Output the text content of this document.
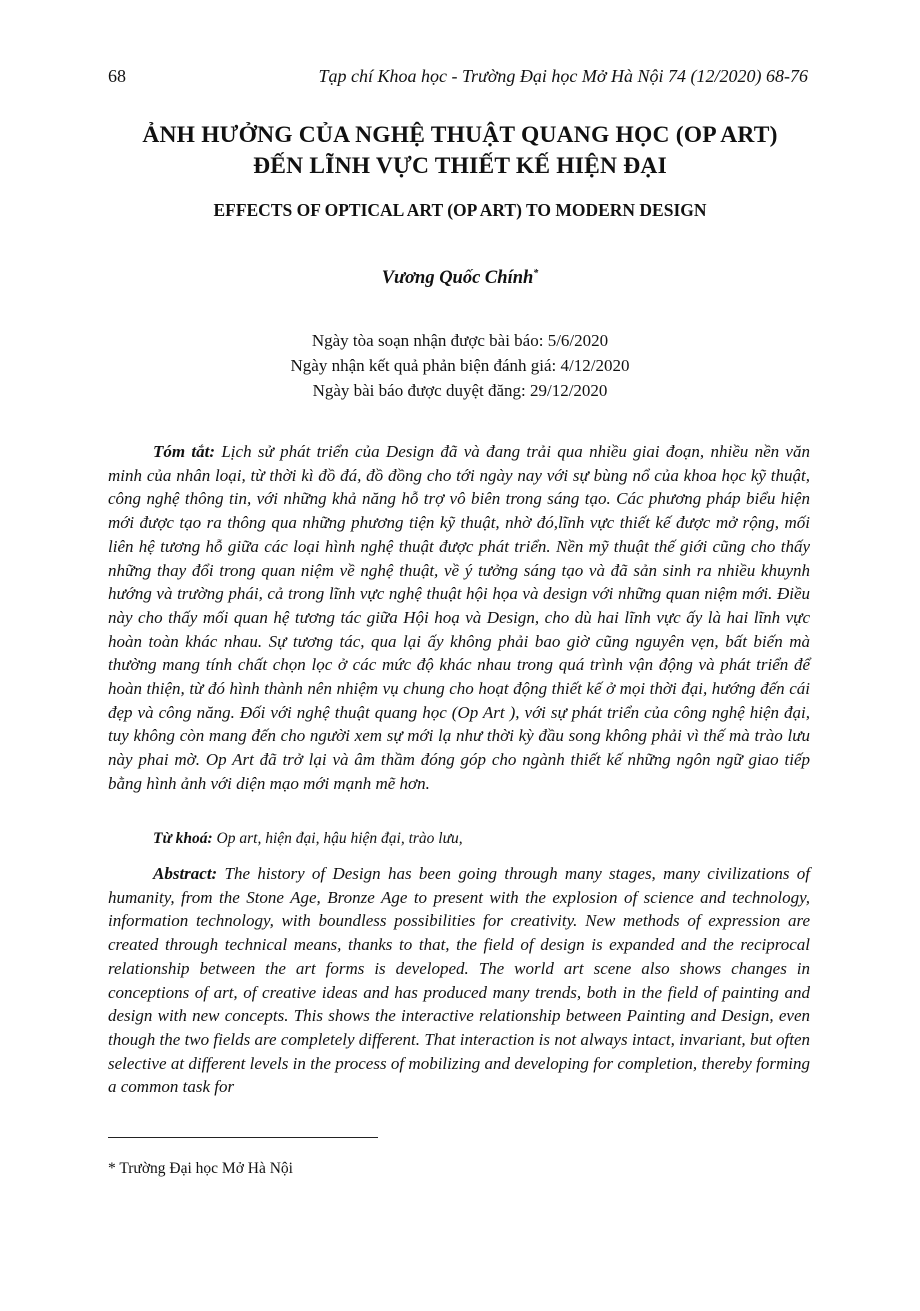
68	Tạp chí Khoa học - Trường Đại học Mở Hà Nội 74 (12/2020) 68-76
ẢNH HƯỞNG CỦA NGHỆ THUẬT QUANG HỌC (OP ART)
ĐẾN LĨNH VỰC THIẾT KẾ HIỆN ĐẠI
EFFECTS OF OPTICAL ART (OP ART) TO MODERN DESIGN
Vương Quốc Chính*
Ngày tòa soạn nhận được bài báo: 5/6/2020
Ngày nhận kết quả phản biện đánh giá: 4/12/2020
Ngày bài báo được duyệt đăng: 29/12/2020
Tóm tắt: Lịch sử phát triển của Design đã và đang trải qua nhiều giai đoạn, nhiều nền văn minh của nhân loại, từ thời kì đồ đá, đồ đồng cho tới ngày nay với sự bùng nổ của khoa học kỹ thuật, công nghệ thông tin, với những khả năng hỗ trợ vô biên trong sáng tạo. Các phương pháp biểu hiện mới được tạo ra thông qua những phương tiện kỹ thuật, nhờ đó,lĩnh vực thiết kế được mở rộng, mối liên hệ tương hỗ giữa các loại hình nghệ thuật được phát triển. Nền mỹ thuật thế giới cũng cho thấy những thay đổi trong quan niệm về nghệ thuật, về ý tưởng sáng tạo và đã sản sinh ra nhiều khuynh hướng và trường phái, cả trong lĩnh vực nghệ thuật hội họa và design với những quan niệm mới. Điều này cho thấy mối quan hệ tương tác giữa Hội hoạ và Design, cho dù hai lĩnh vực ấy là hai lĩnh vực hoàn toàn khác nhau. Sự tương tác, qua lại ấy không phải bao giờ cũng nguyên vẹn, bất biến mà thường mang tính chất chọn lọc ở các mức độ khác nhau trong quá trình vận động và phát triển để hoàn thiện, từ đó hình thành nên nhiệm vụ chung cho hoạt động thiết kế ở mọi thời đại, hướng đến cái đẹp và công năng. Đối với nghệ thuật quang học (Op Art ), với sự phát triển của công nghệ hiện đại, tuy không còn mang đến cho người xem sự mới lạ như thời kỳ đầu song không phải vì thế mà trào lưu này phai mờ. Op Art đã trở lại và âm thầm đóng góp cho ngành thiết kế những ngôn ngữ giao tiếp bằng hình ảnh với diện mạo mới mạnh mẽ hơn.
Từ khoá: Op art, hiện đại, hậu hiện đại, trào lưu,
Abstract: The history of Design has been going through many stages, many civilizations of humanity, from the Stone Age, Bronze Age to present with the explosion of science and technology, information technology, with boundless possibilities for creativity. New methods of expression are created through technical means, thanks to that, the field of design is expanded and the reciprocal relationship between the art forms is developed. The world art scene also shows changes in conceptions of art, of creative ideas and has produced many trends, both in the field of painting and design with new concepts. This shows the interactive relationship between Painting and Design, even though the two fields are completely different. That interaction is not always intact, invariant, but often selective at different levels in the process of mobilizing and developing for completion, thereby forming a common task for
* Trường Đại học Mở Hà Nội
